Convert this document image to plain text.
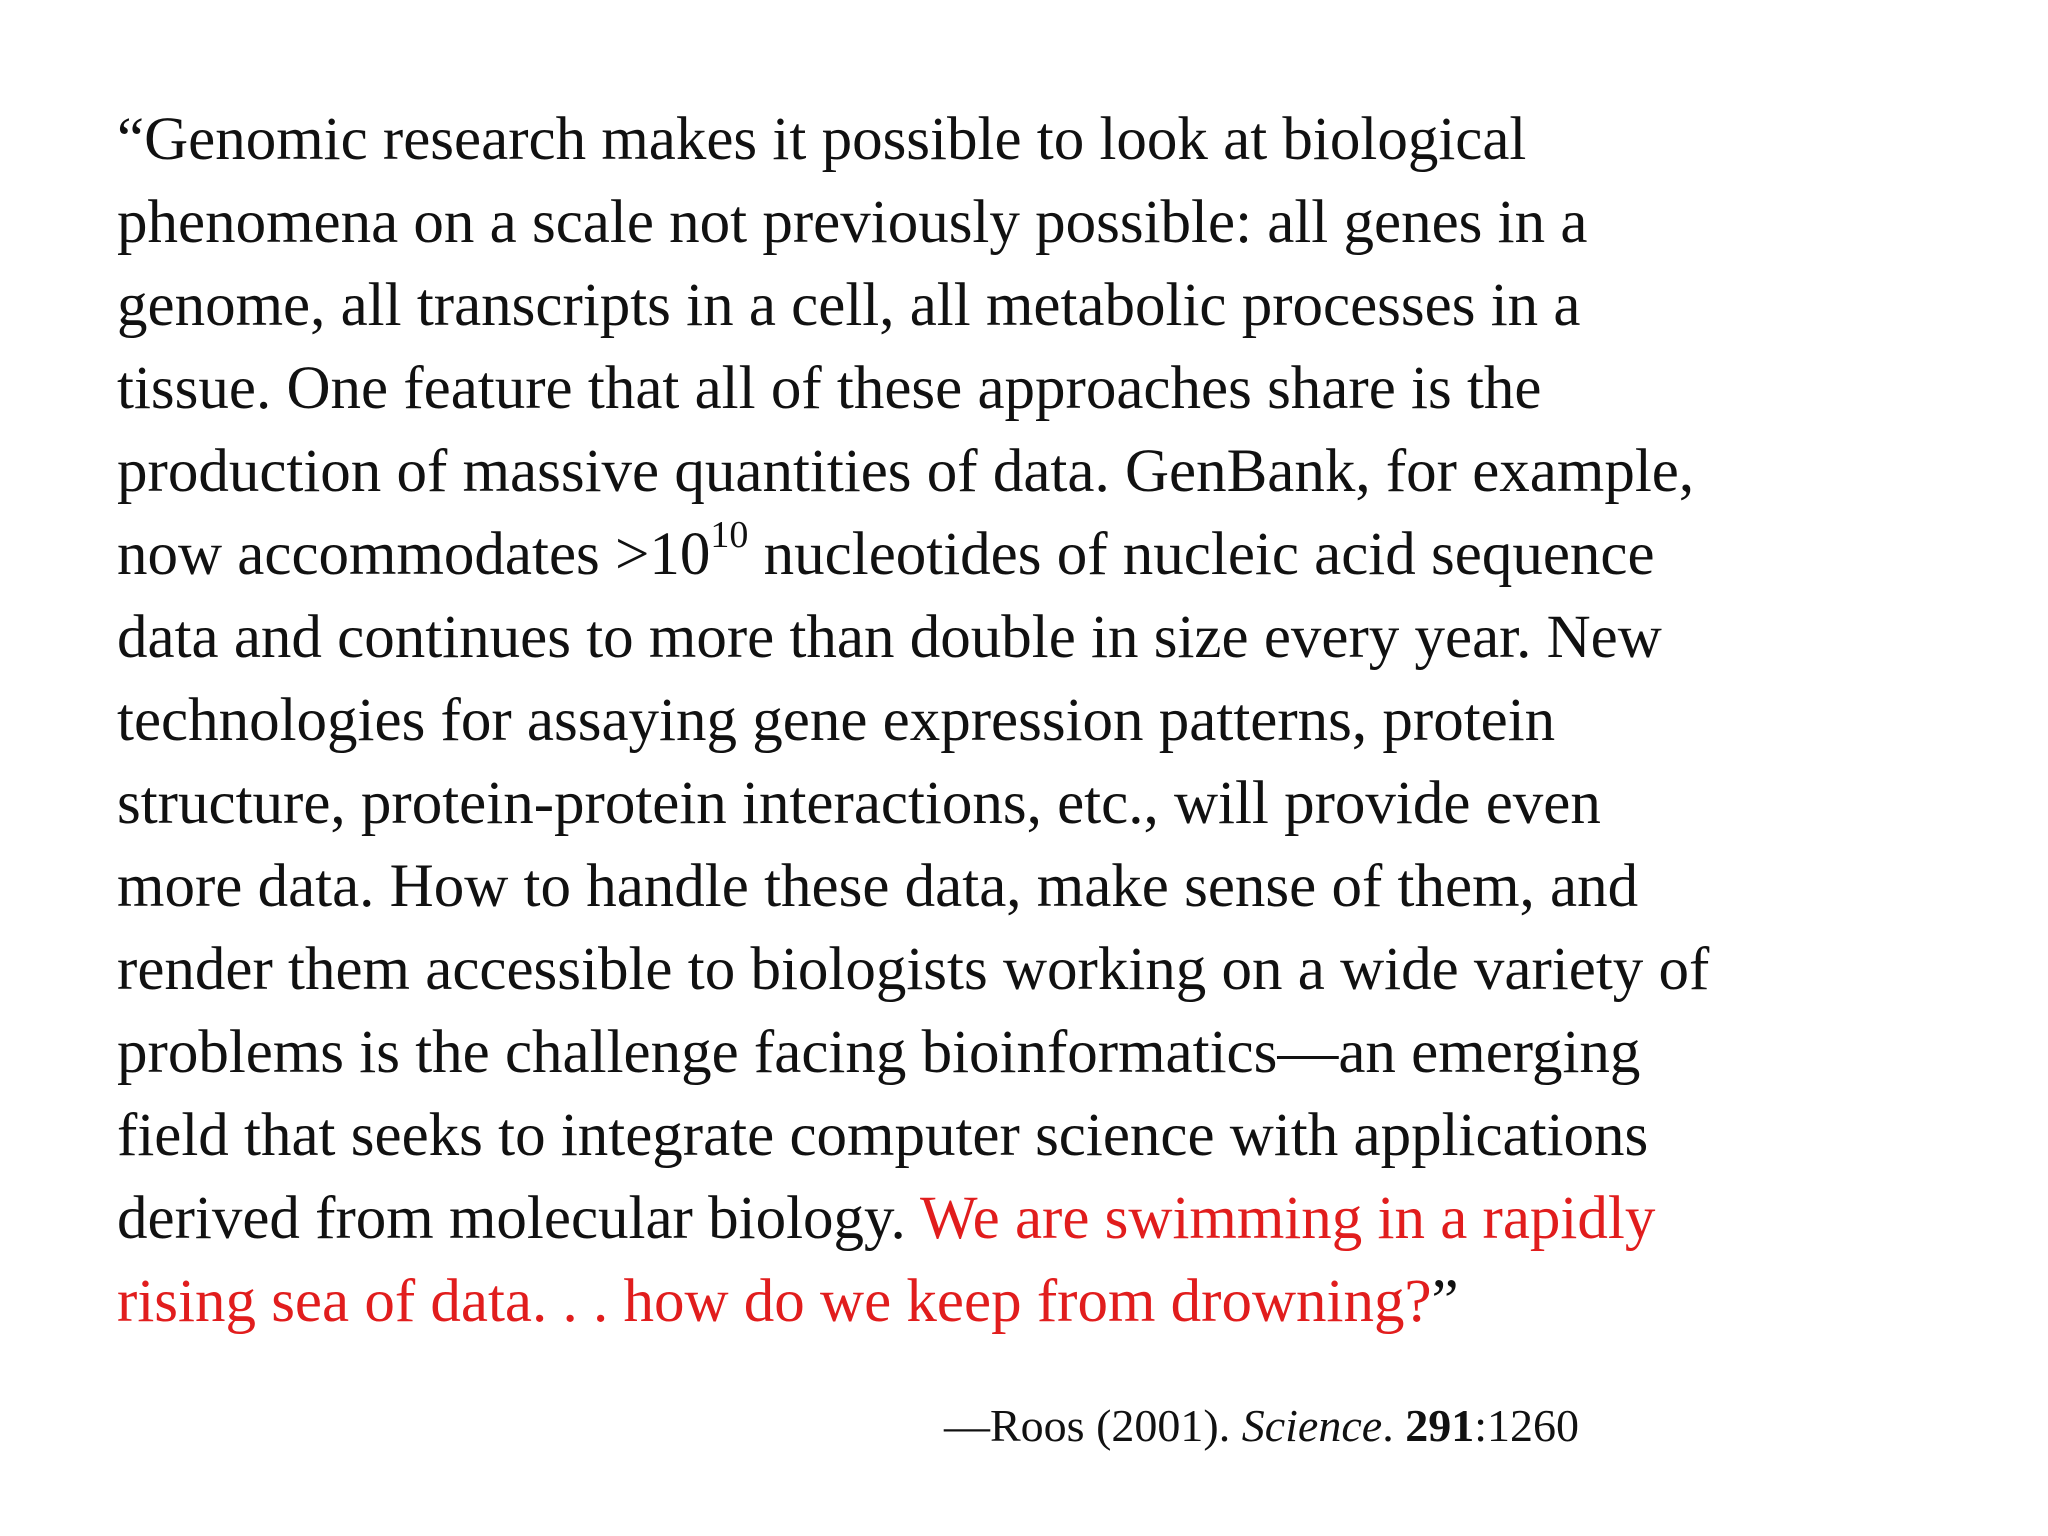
“Genomic research makes it possible to look at biological
phenomena on a scale not previously possible: all genes in a
genome, all transcripts in a cell, all metabolic processes in a
tissue. One feature that all of these approaches share is the
production of massive quantities of data. GenBank, for example,
now accommodates $>10^{10}$ nucleotides of nucleic acid sequence
data and continues to more than double in size every year. New
technologies for assaying gene expression patterns, protein
structure, protein-protein interactions, etc., will provide even
more data. How to handle these data, make sense of them, and
render them accessible to biologists working on a wide variety of
problems is the challenge facing bioinformatics—an emerging
field that seeks to integrate computer science with applications
derived from molecular biology. We are swimming in a rapidly
rising sea of data. . . how do we keep from drowning?”

—Roos (2001). Science. 291:1260
